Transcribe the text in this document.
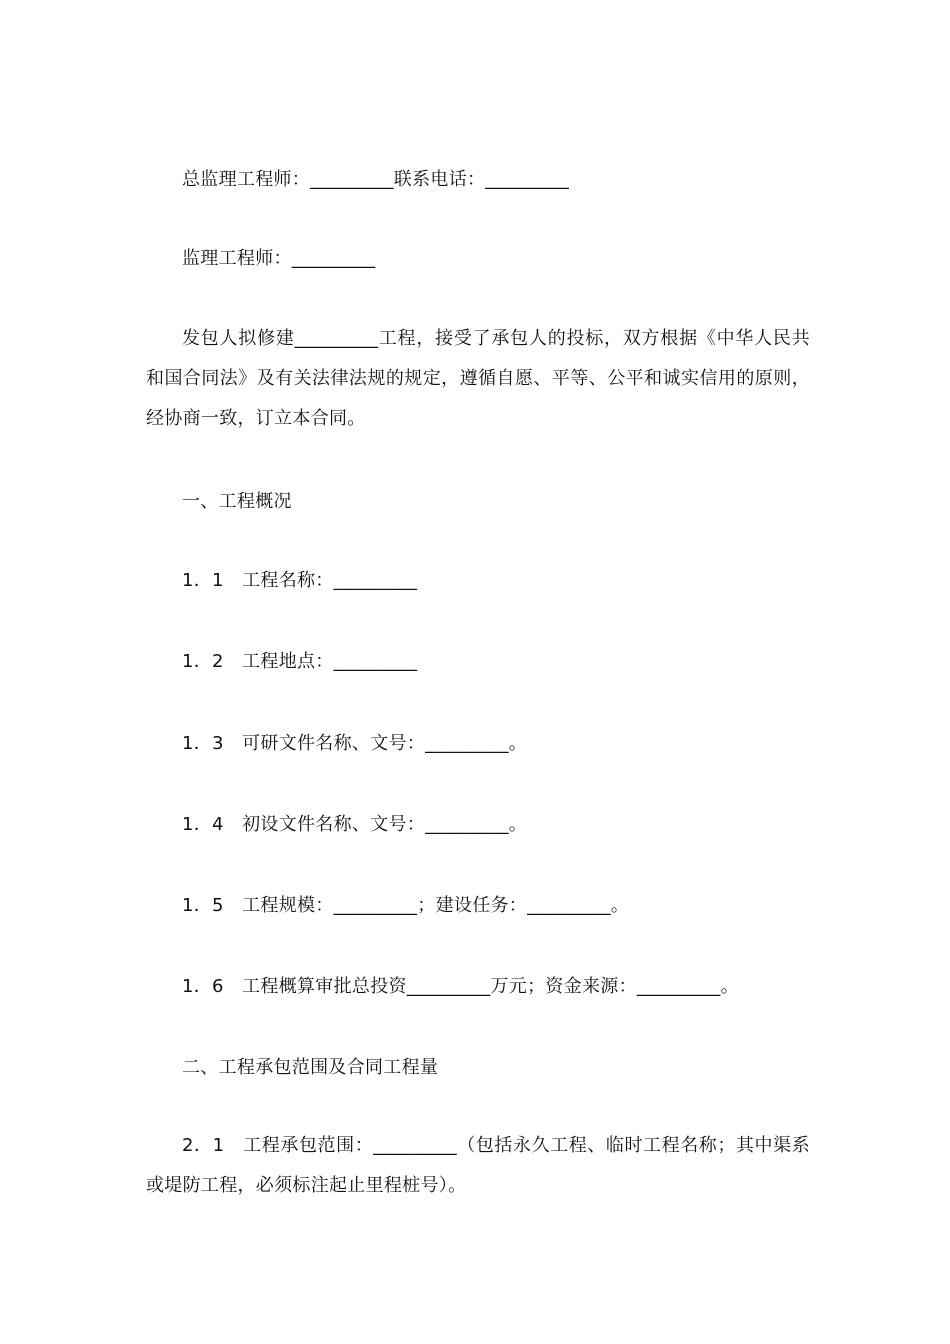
总监理工程师：_________联系电话：_________

监理工程师：_________

发包人拟修建_________工程，接受了承包人的投标，双方根据《中华人民共和国合同法》及有关法律法规的规定，遵循自愿、平等、公平和诚实信用的原则，经协商一致，订立本合同。

一、工程概况

1．1　工程名称：_________

1．2　工程地点：_________

1．3　可研文件名称、文号：_________。

1．4　初设文件名称、文号：_________。

1．5　工程规模：_________；建设任务：_________。

1．6　工程概算审批总投资_________万元；资金来源：_________。

二、工程承包范围及合同工程量

2．1　工程承包范围：_________（包括永久工程、临时工程名称；其中渠系或堤防工程，必须标注起止里程桩号）。
